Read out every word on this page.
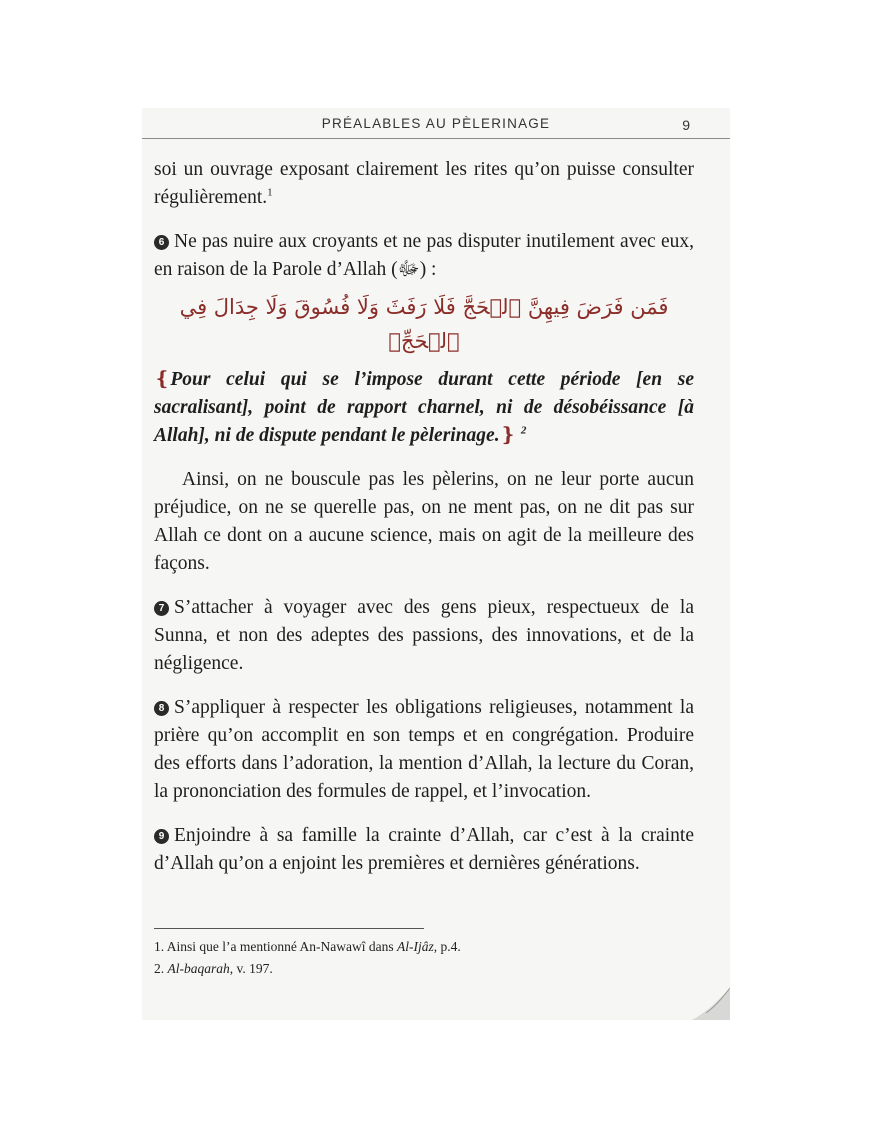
PRÉALABLES AU PÈLERINAGE	9

soi un ouvrage exposant clairement les rites qu’on puisse consulter régulièrement.$^1$

6 Ne pas nuire aux croyants et ne pas disputer inutilement avec eux, en raison de la Parole d’Allah (ﷻ) :

فَمَن فَرَضَ فِيهِنَّ ٱلۡحَجَّ فَلَا رَفَثَ وَلَا فُسُوقَ وَلَا جِدَالَ فِي ٱلۡحَجِّۗ

❴Pour celui qui se l’impose durant cette période [en se sacralisant], point de rapport charnel, ni de désobéissance [à Allah], ni de dispute pendant le pèlerinage.❵ $^2$

Ainsi, on ne bouscule pas les pèlerins, on ne leur porte aucun préjudice, on ne se querelle pas, on ne ment pas, on ne dit pas sur Allah ce dont on a aucune science, mais on agit de la meilleure des façons.

7 S’attacher à voyager avec des gens pieux, respectueux de la Sunna, et non des adeptes des passions, des innovations, et de la négligence.

8 S’appliquer à respecter les obligations religieuses, notamment la prière qu’on accomplit en son temps et en congrégation. Produire des efforts dans l’adoration, la mention d’Allah, la lecture du Coran, la prononciation des formules de rappel, et l’invocation.

9 Enjoindre à sa famille la crainte d’Allah, car c’est à la crainte d’Allah qu’on a enjoint les premières et dernières générations.

1. Ainsi que l’a mentionné An-Nawawî dans Al-Ijâz, p.4.
2. Al-baqarah, v. 197.
